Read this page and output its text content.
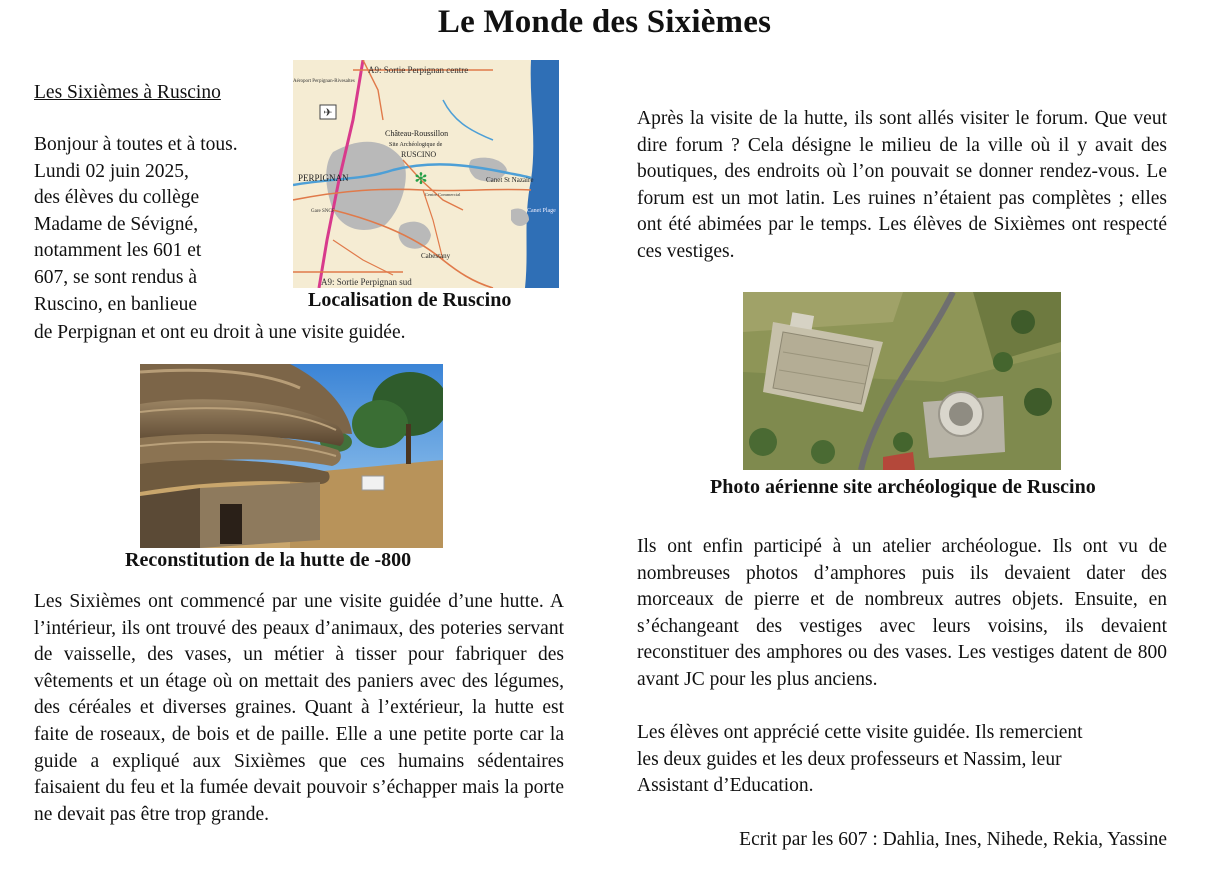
Le Monde des Sixièmes
Les Sixièmes à Ruscino
Bonjour à toutes et à tous.
Lundi 02 juin 2025,
des élèves du collège
Madame de Sévigné,
notamment les 601 et
607, se sont rendus à
Ruscino, en banlieue
de Perpignan et ont eu droit à une visite guidée.
✈
✻
A9: Sortie Perpignan centre
A9: Sortie Perpignan sud
Aéroport Perpignan-Rivesaltes
Château-Roussillon
Site Archéologique de
RUSCINO
PERPIGNAN	Canet St Nazaire
Canet Plage
Cabestany
Centre Commercial
Gare SNCF
Localisation de Ruscino
Reconstitution de la hutte de -800
Les Sixièmes ont commencé par une visite guidée d’une hutte. A l’intérieur, ils ont trouvé des peaux d’animaux, des poteries servant de vaisselle, des vases, un métier à tisser pour fabriquer des vêtements et un étage où on mettait des paniers avec des légumes, des céréales et diverses graines. Quant à l’extérieur, la hutte est faite de roseaux, de bois et de paille. Elle a une petite porte car la guide a expliqué aux Sixièmes que ces humains sédentaires faisaient du feu et la fumée devait pouvoir s’échapper mais la porte ne devait pas être trop grande.
Après la visite de la hutte, ils sont allés visiter le forum. Que veut dire forum ? Cela désigne le milieu de la ville où il y avait des boutiques, des endroits où l’on pouvait se donner rendez-vous. Le forum est un mot latin. Les ruines n’étaient pas complètes ; elles ont été abimées par le temps. Les élèves de Sixièmes ont respecté ces vestiges.
Photo aérienne site archéologique de Ruscino
Ils ont enfin participé à un atelier archéologue. Ils ont vu de nombreuses photos d’amphores puis ils devaient dater des morceaux de pierre et de nombreux autres objets. Ensuite, en s’échangeant des vestiges avec leurs voisins, ils devaient reconstituer des amphores ou des vases. Les vestiges datent de 800 avant JC pour les plus anciens.
Les élèves ont apprécié cette visite guidée. Ils remercient
les deux guides et les deux professeurs et Nassim, leur
Assistant d’Education.
Ecrit par les 607 : Dahlia, Ines, Nihede, Rekia, Yassine
